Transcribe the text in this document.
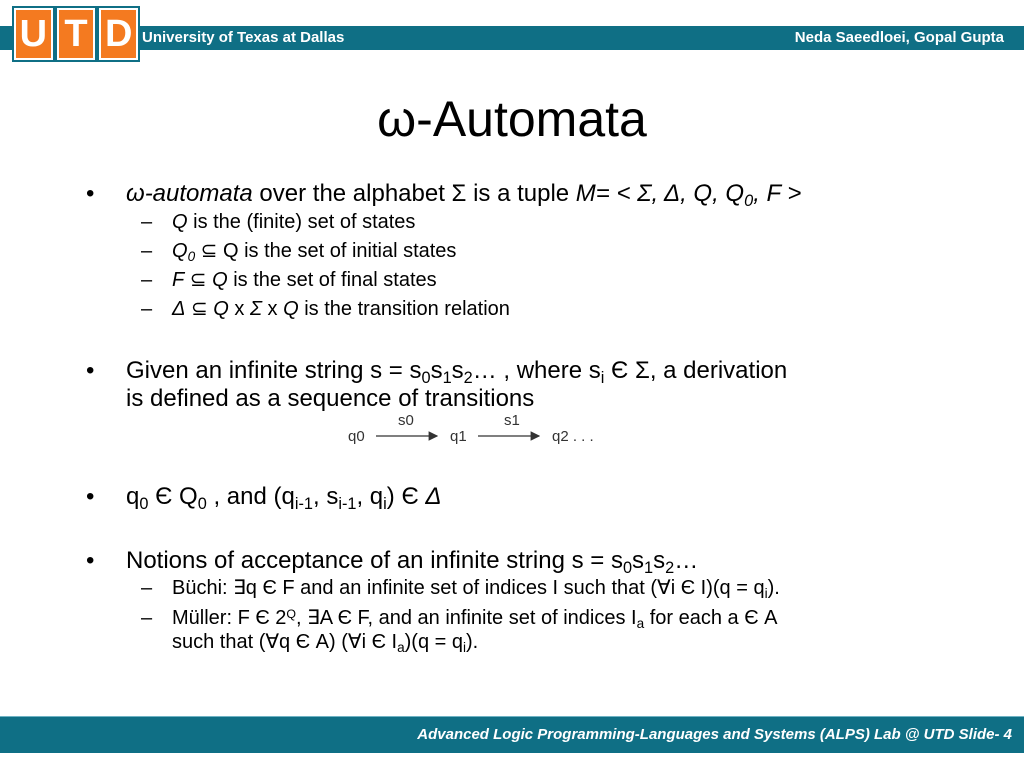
University of Texas at Dallas	Neda Saeedloei, Gopal Gupta
U T D
ω-Automata
• ω-automata over the alphabet Σ is a tuple M= < Σ, Δ, Q, $Q_0$, F >
– Q is the (finite) set of states
– $Q_0$ ⊆ Q is the set of initial states
– F ⊆ Q is the set of final states
– Δ ⊆ Q x Σ x Q is the transition relation
• Given an infinite string $s = s_0s_1s_2\dots$ , where $s_i$ Є Σ, a derivation
is defined as a sequence of transitions
q0
s0
q1
s1
q2 . . .
• $q_0$ Є $Q_0$ , and ($q_{i-1}$, $s_{i-1}$, $q_i$) Є Δ
• Notions of acceptance of an infinite string $s = s_0s_1s_2\dots$
– Büchi: ∃q Є F and an infinite set of indices I such that (∀i Є $I)(q = q_i)$.
– Müller: F Є $2^Q$, ∃A Є F, and an infinite set of indices $I_a$ for each a Є A
such that (∀q Є A) (∀i Є $I_a)(q = q_i)$.
Advanced Logic Programming-Languages and Systems (ALPS) Lab @ UTD Slide- 4
